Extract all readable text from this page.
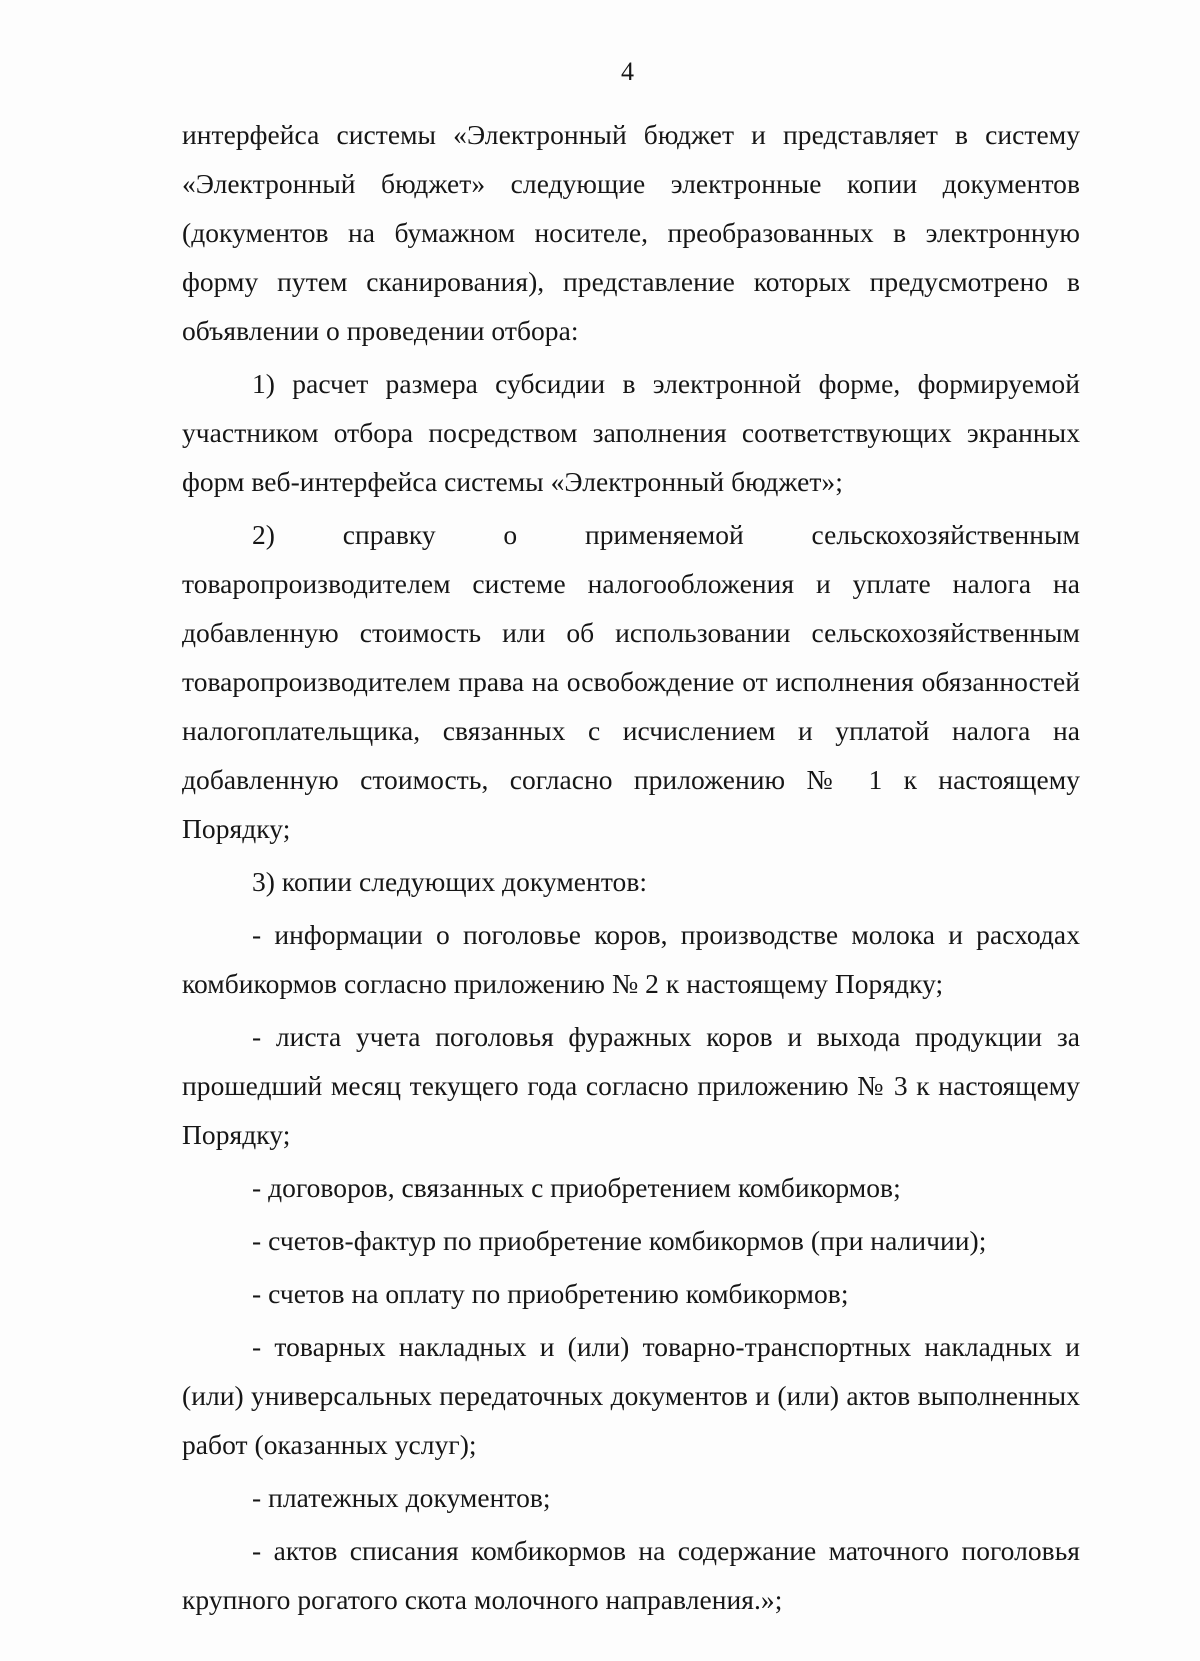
4

интерфейса системы «Электронный бюджет и представляет в систему «Электронный бюджет» следующие электронные копии документов (документов на бумажном носителе, преобразованных в электронную форму путем сканирования), представление которых предусмотрено в объявлении о проведении отбора:

1) расчет размера субсидии в электронной форме, формируемой участником отбора посредством заполнения соответствующих экранных форм веб-интерфейса системы «Электронный бюджет»;

2) справку о применяемой сельскохозяйственным товаропроизводителем системе налогообложения и уплате налога на добавленную стоимость или об использовании сельскохозяйственным товаропроизводителем права на освобождение от исполнения обязанностей налогоплательщика, связанных с исчислением и уплатой налога на добавленную стоимость, согласно приложению № 1 к настоящему Порядку;

3) копии следующих документов:

- информации о поголовье коров, производстве молока и расходах комбикормов согласно приложению № 2 к настоящему Порядку;

- листа учета поголовья фуражных коров и выхода продукции за прошедший месяц текущего года согласно приложению № 3 к настоящему Порядку;

- договоров, связанных с приобретением комбикормов;

- счетов-фактур по приобретение комбикормов (при наличии);

- счетов на оплату по приобретению комбикормов;

- товарных накладных и (или) товарно-транспортных накладных и (или) универсальных передаточных документов и (или) актов выполненных работ (оказанных услуг);

- платежных документов;

- актов списания комбикормов на содержание маточного поголовья крупного рогатого скота молочного направления.»;
